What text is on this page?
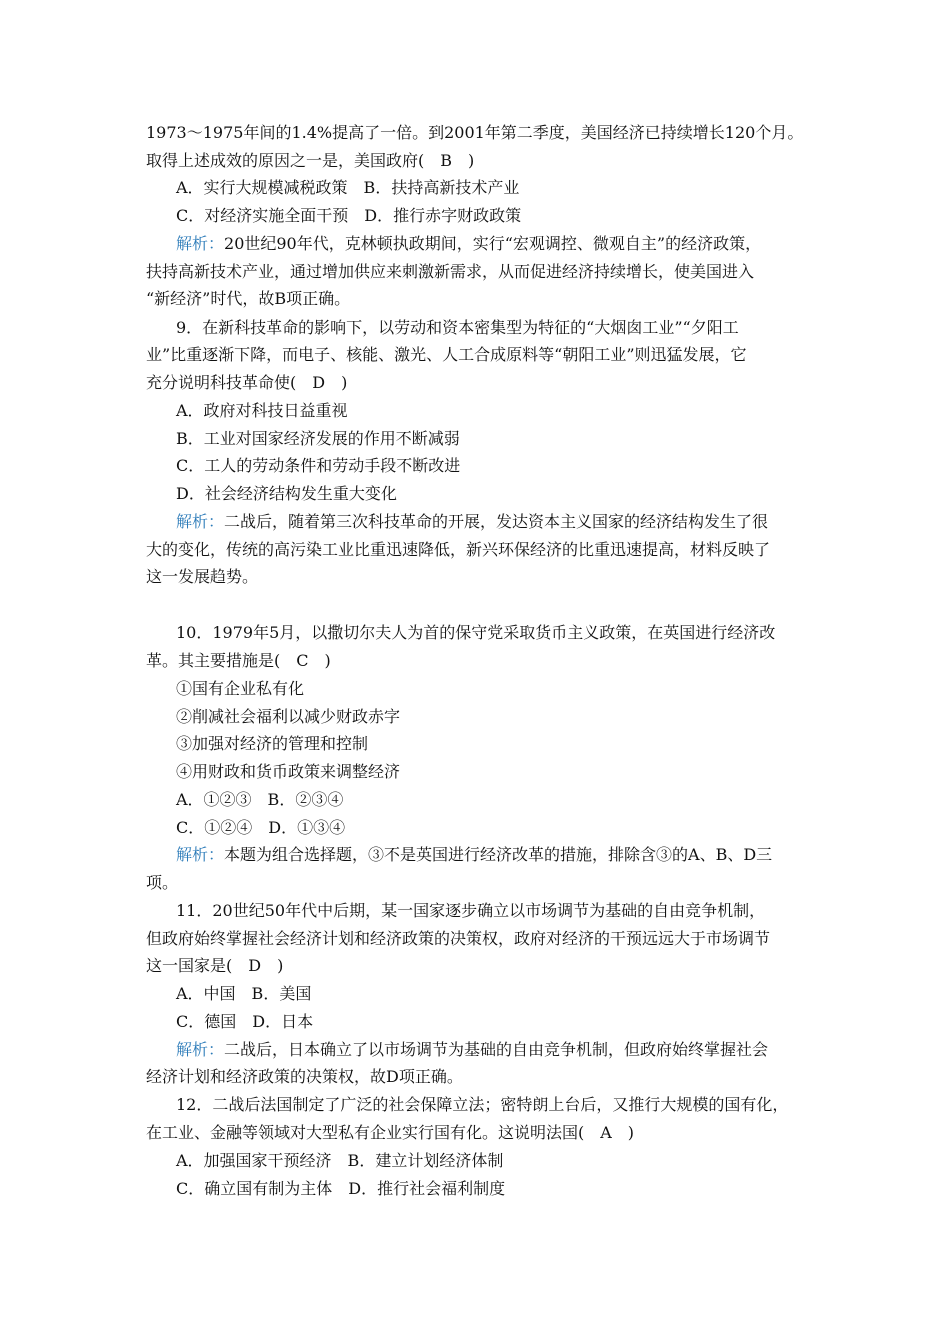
1973～1975年间的1.4%提高了一倍。到2001年第二季度，美国经济已持续增长120个月。
取得上述成效的原因之一是，美国政府(　B　)
A．实行大规模减税政策　B．扶持高新技术产业
C．对经济实施全面干预　D．推行赤字财政政策
解析：20世纪90年代，克林顿执政期间，实行“宏观调控、微观自主”的经济政策，
扶持高新技术产业，通过增加供应来刺激新需求，从而促进经济持续增长，使美国进入
“新经济”时代，故B项正确。
9．在新科技革命的影响下，以劳动和资本密集型为特征的“大烟囱工业”“夕阳工
业”比重逐渐下降，而电子、核能、激光、人工合成原料等“朝阳工业”则迅猛发展，它
充分说明科技革命使(　D　)
A．政府对科技日益重视
B．工业对国家经济发展的作用不断减弱
C．工人的劳动条件和劳动手段不断改进
D．社会经济结构发生重大变化
解析：二战后，随着第三次科技革命的开展，发达资本主义国家的经济结构发生了很
大的变化，传统的高污染工业比重迅速降低，新兴环保经济的比重迅速提高，材料反映了
这一发展趋势。
10．1979年5月，以撒切尔夫人为首的保守党采取货币主义政策，在英国进行经济改
革。其主要措施是(　C　)
①国有企业私有化
②削减社会福利以减少财政赤字
③加强对经济的管理和控制
④用财政和货币政策来调整经济
A．①②③　B．②③④
C．①②④　D．①③④
解析：本题为组合选择题，③不是英国进行经济改革的措施，排除含③的A、B、D三
项。
11．20世纪50年代中后期，某一国家逐步确立以市场调节为基础的自由竞争机制，
但政府始终掌握社会经济计划和经济政策的决策权，政府对经济的干预远远大于市场调节
这一国家是(　D　)
A．中国　B．美国
C．德国　D．日本
解析：二战后，日本确立了以市场调节为基础的自由竞争机制，但政府始终掌握社会
经济计划和经济政策的决策权，故D项正确。
12．二战后法国制定了广泛的社会保障立法；密特朗上台后，又推行大规模的国有化，
在工业、金融等领域对大型私有企业实行国有化。这说明法国(　A　)
A．加强国家干预经济　B．建立计划经济体制
C．确立国有制为主体　D．推行社会福利制度
